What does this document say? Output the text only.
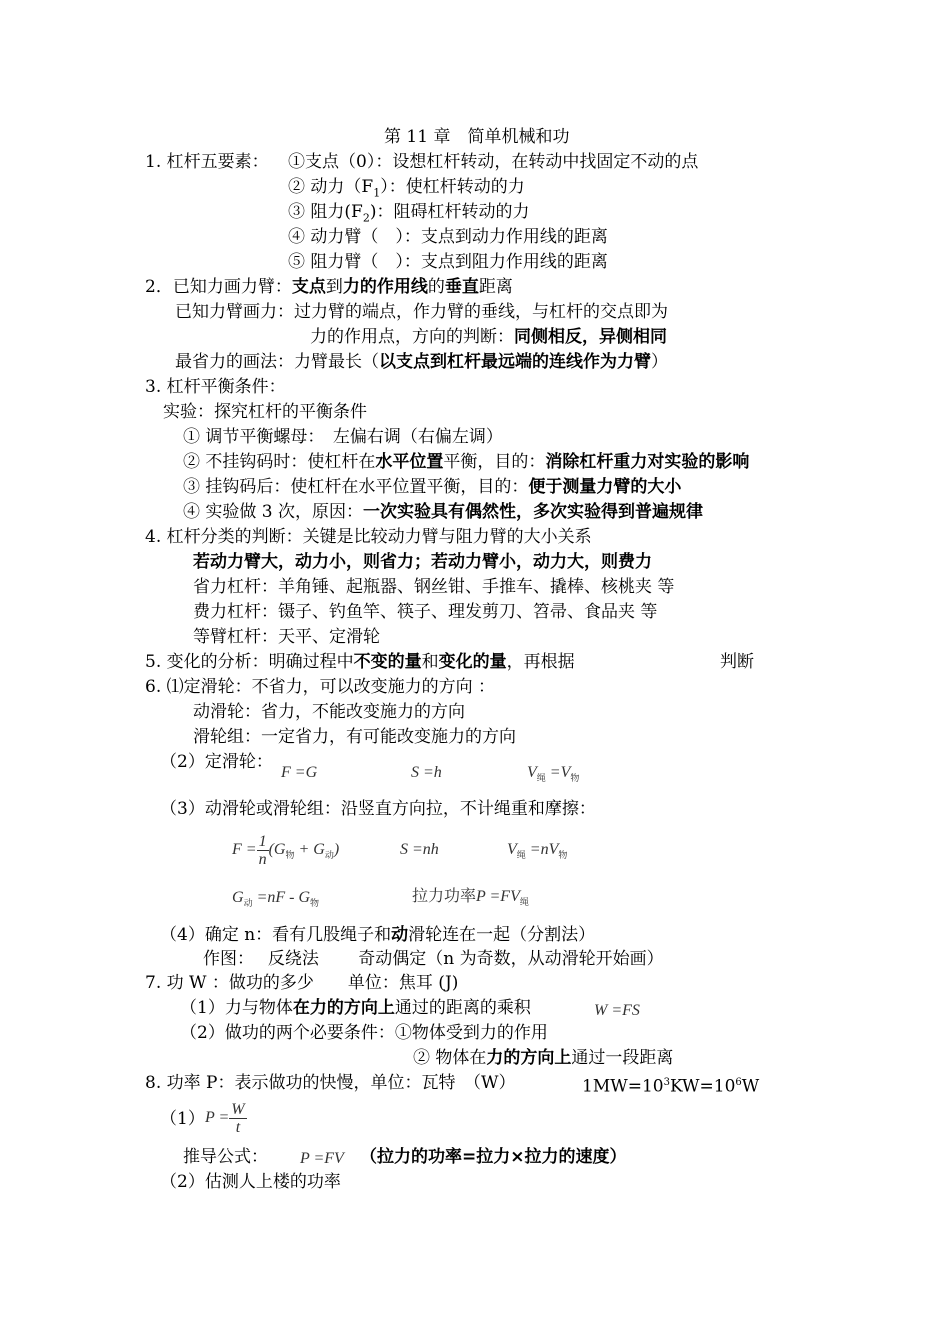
第 11 章　简单机械和功
1. 杠杆五要素： ①支点（0）：设想杠杆转动，在转动中找固定不动的点
② 动力$(F_1)$：使杠杆转动的力
③ 阻力$(F_2)$：阻碍杠杆转动的力
④ 动力臂（　）：支点到动力作用线的距离
⑤ 阻力臂（　）：支点到阻力作用线的距离
2．已知力画力臂：支点到力的作用线的垂直距离
已知力臂画力：过力臂的端点，作力臂的垂线，与杠杆的交点即为
力的作用点，方向的判断：同侧相反，异侧相同
最省力的画法：力臂最长（以支点到杠杆最远端的连线作为力臂）
3. 杠杆平衡条件：
实验：探究杠杆的平衡条件
① 调节平衡螺母：　左偏右调（右偏左调）
② 不挂钩码时：使杠杆在水平位置平衡，目的：消除杠杆重力对实验的影响
③ 挂钩码后：使杠杆在水平位置平衡，目的：便于测量力臂的大小
④ 实验做 3 次，原因：一次实验具有偶然性，多次实验得到普遍规律
4. 杠杆分类的判断：关键是比较动力臂与阻力臂的大小关系
若动力臂大，动力小，则省力；若动力臂小，动力大，则费力
省力杠杆：羊角锤、起瓶器、钢丝钳、手推车、撬棒、核桃夹 等
费力杠杆：镊子、钓鱼竿、筷子、理发剪刀、笤帚、食品夹 等
等臂杠杆：天平、定滑轮
5. 变化的分析：明确过程中不变的量和变化的量，再根据	判断
6. ⑴定滑轮：不省力，可以改变施力的方向 ：
动滑轮：省力，不能改变施力的方向
滑轮组：一定省力，有可能改变施力的方向
（2）定滑轮：
F =G	S =h	$V_绳 =V_物$
（3）动滑轮或滑轮组：沿竖直方向拉，不计绳重和摩擦：
$F = \frac{1}{n} (G_物 + G_动)$	S =nh	$V_绳 =nV_物$
$G_动 =nF - G_物$	拉力功率$P =FV_绳$
（4）确定 n：看有几股绳子和动滑轮连在一起（分割法）
作图：　 反绕法　　 奇动偶定（n 为奇数，从动滑轮开始画）
7. 功 W ：做功的多少　　单位：焦耳 (J)
（1）力与物体在力的方向上通过的距离的乘积	W =FS
（2）做功的两个必要条件：①物体受到力的作用
② 物体在力的方向上通过一段距离
8. 功率 P：表示做功的快慢，单位：瓦特　（W）	$1MW=10^3KW=10^6W$
（1） $P = \frac{W}{t}$
推导公式： P =FV （拉力的功率=拉力×拉力的速度）
（2）估测人上楼的功率
